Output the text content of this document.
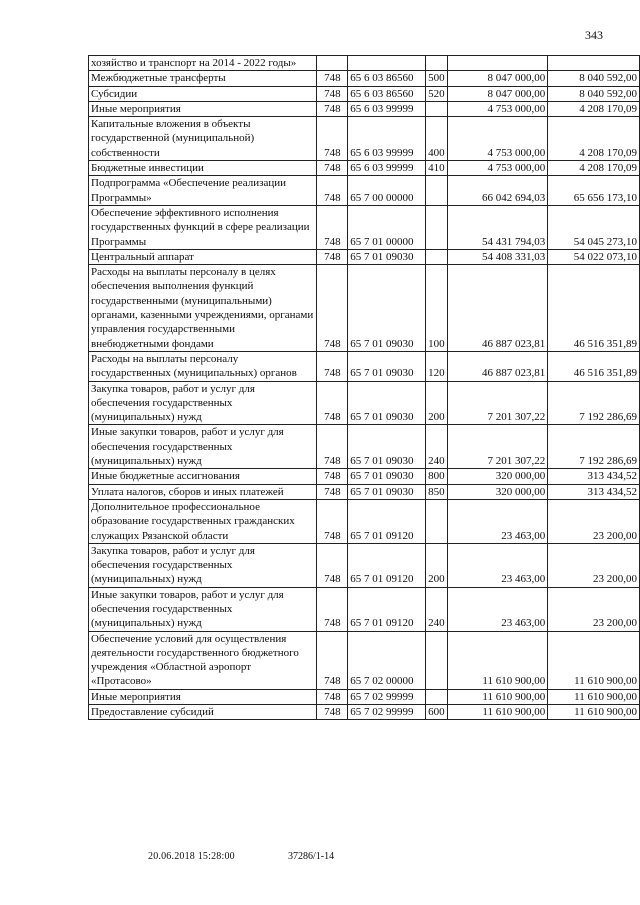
343
хозяйство и транспорт на 2014 - 2022 годы»					
Межбюджетные трансферты	748	65 6 03 86560	500	8 047 000,00	8 040 592,00
Субсидии	748	65 6 03 86560	520	8 047 000,00	8 040 592,00
Иные мероприятия	748	65 6 03 99999		4 753 000,00	4 208 170,09
Капитальные вложения в объекты государственной (муниципальной) собственности	748	65 6 03 99999	400	4 753 000,00	4 208 170,09
Бюджетные инвестиции	748	65 6 03 99999	410	4 753 000,00	4 208 170,09
Подпрограмма «Обеспечение реализации Программы»	748	65 7 00 00000		66 042 694,03	65 656 173,10
Обеспечение эффективного исполнения государственных функций в сфере реализации Программы	748	65 7 01 00000		54 431 794,03	54 045 273,10
Центральный аппарат	748	65 7 01 09030		54 408 331,03	54 022 073,10
Расходы на выплаты персоналу в целях обеспечения выполнения функций государственными (муниципальными) органами, казенными учреждениями, органами управления государственными внебюджетными фондами	748	65 7 01 09030	100	46 887 023,81	46 516 351,89
Расходы на выплаты персоналу государственных (муниципальных) органов	748	65 7 01 09030	120	46 887 023,81	46 516 351,89
Закупка товаров, работ и услуг для обеспечения государственных (муниципальных) нужд	748	65 7 01 09030	200	7 201 307,22	7 192 286,69
Иные закупки товаров, работ и услуг для обеспечения государственных (муниципальных) нужд	748	65 7 01 09030	240	7 201 307,22	7 192 286,69
Иные бюджетные ассигнования	748	65 7 01 09030	800	320 000,00	313 434,52
Уплата налогов, сборов и иных платежей	748	65 7 01 09030	850	320 000,00	313 434,52
Дополнительное профессиональное образование государственных гражданских служащих Рязанской области	748	65 7 01 09120		23 463,00	23 200,00
Закупка товаров, работ и услуг для обеспечения государственных (муниципальных) нужд	748	65 7 01 09120	200	23 463,00	23 200,00
Иные закупки товаров, работ и услуг для обеспечения государственных (муниципальных) нужд	748	65 7 01 09120	240	23 463,00	23 200,00
Обеспечение условий для осуществления деятельности государственного бюджетного учреждения «Областной аэропорт «Протасово»	748	65 7 02 00000		11 610 900,00	11 610 900,00
Иные мероприятия	748	65 7 02 99999		11 610 900,00	11 610 900,00
Предоставление субсидий	748	65 7 02 99999	600	11 610 900,00	11 610 900,00
20.06.2018 15:28:00	37286/1-14
